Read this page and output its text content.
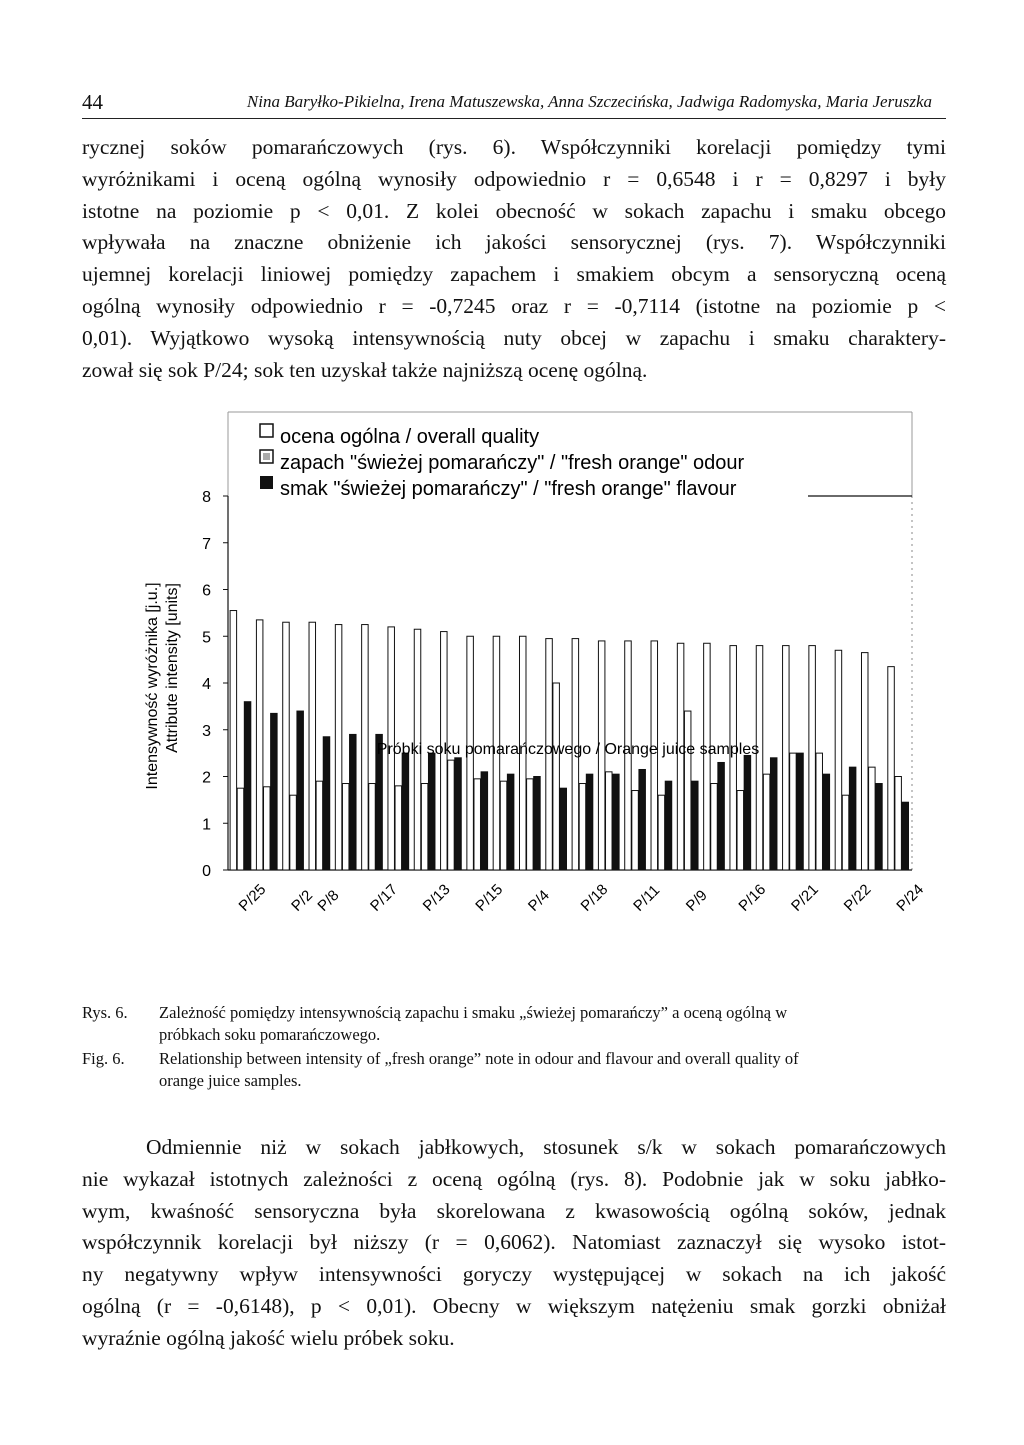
44	Nina Baryłko-Pikielna, Irena Matuszewska, Anna Szczecińska, Jadwiga Radomyska, Maria Jeruszka
rycznej soków pomarańczowych (rys. 6). Współczynniki korelacji pomiędzy tymi
wyróżnikami i oceną ogólną wynosiły odpowiednio r = 0,6548 i r = 0,8297 i były
istotne na poziomie p < 0,01. Z kolei obecność w sokach zapachu i smaku obcego
wpływała na znaczne obniżenie ich jakości sensorycznej (rys. 7). Współczynniki
ujemnej korelacji liniowej pomiędzy zapachem i smakiem obcym a sensoryczną oceną
ogólną wynosiły odpowiednio r = -0,7245 oraz r = -0,7114 (istotne na poziomie p <
0,01). Wyjątkowo wysoką intensywnością nuty obcej w zapachu i smaku charaktery-
zował się sok P/24; sok ten uzyskał także najniższą ocenę ogólną.
ocena ogólna / overall quality
zapach "świeżej pomarańczy" / "fresh orange" odour
smak "świeżej pomarańczy" / "fresh orange" flavour
Intensywność wyróżnika [j.u.] Attribute intensity [units]
0
1
2
3
4
5
6
7
8
P/25 P/2
P/8 P/17 P/13 P/15 P/4 P/18 P/11 P/9 P/16 P/21 P/22 P/24
Próbki soku pomarańczowego / Orange juice samples
Rys. 6.	Zależność pomiędzy intensywnością zapachu i smaku „świeżej pomarańczy” a oceną ogólną w
próbkach soku pomarańczowego.
Fig. 6.	Relationship between intensity of „fresh orange” note in odour and flavour and overall quality of
orange juice samples.
Odmiennie niż w sokach jabłkowych, stosunek s/k w sokach pomarańczowych
nie wykazał istotnych zależności z oceną ogólną (rys. 8). Podobnie jak w soku jabłko-
wym, kwaśność sensoryczna była skorelowana z kwasowością ogólną soków, jednak
współczynnik korelacji był niższy (r = 0,6062). Natomiast zaznaczył się wysoko istot-
ny negatywny wpływ intensywności goryczy występującej w sokach na ich jakość
ogólną (r = -0,6148), p < 0,01). Obecny w większym natężeniu smak gorzki obniżał
wyraźnie ogólną jakość wielu próbek soku.
